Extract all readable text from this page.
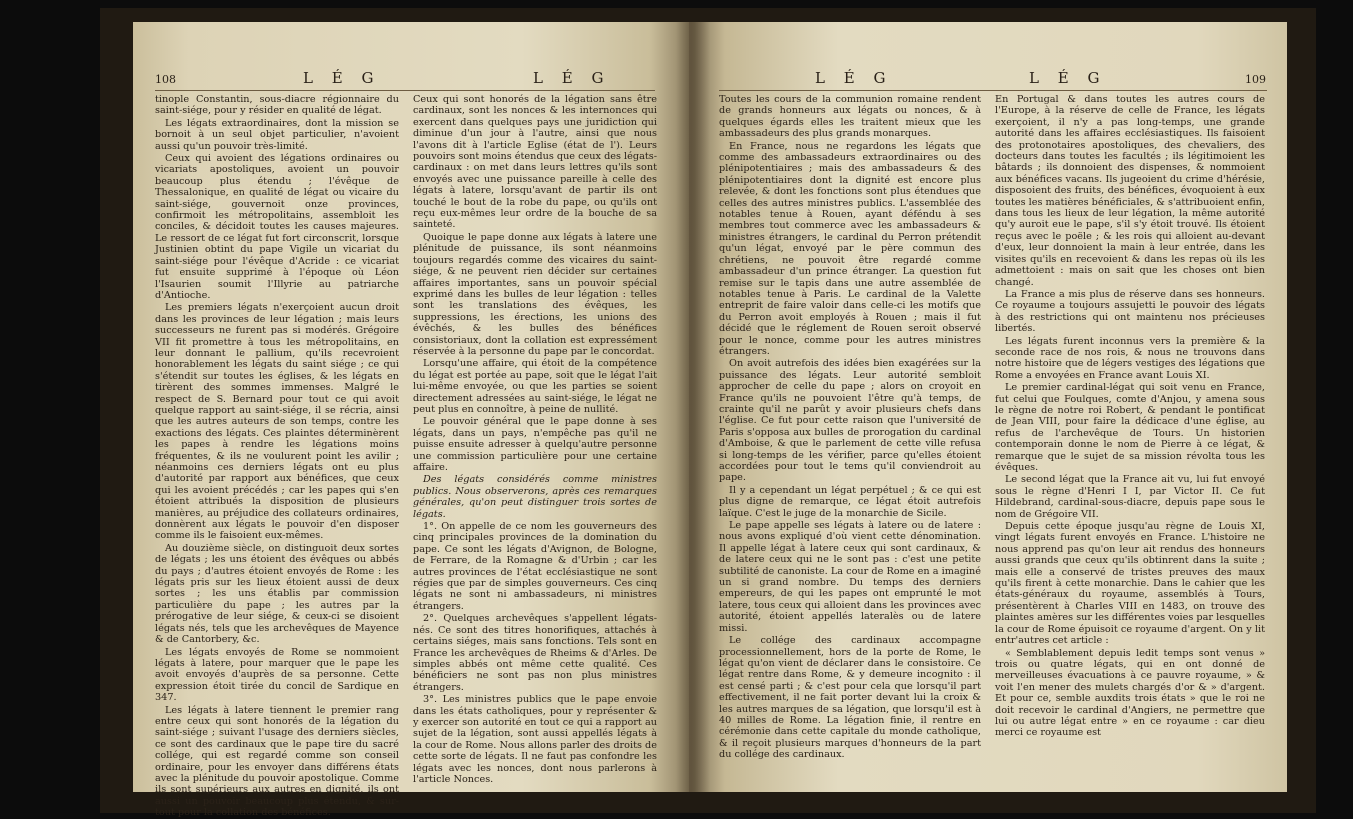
108	L É G	L É G

tinople Constantin, sous-diacre régionnaire du saint-siége, pour y résider en qualité de légat.

Les légats extraordinaires, dont la mission se bornoit à un seul objet particulier, n'avoient aussi qu'un pouvoir très-limité.

Ceux qui avoient des légations ordinaires ou vicariats apostoliques, avoient un pouvoir beaucoup plus étendu ; l'évêque de Thessalonique, en qualité de légat ou vicaire du saint-siége, gouvernoit onze provinces, confirmoit les métropolitains, assembloit les conciles, & décidoit toutes les causes majeures. Le ressort de ce légat fut fort circonscrit, lorsque Justinien obtint du pape Vigile un vicariat du saint-siége pour l'évêque d'Acride : ce vicariat fut ensuite supprimé à l'époque où Léon l'Isaurien soumit l'Illyrie au patriarche d'Antioche.

Les premiers légats n'exerçoient aucun droit dans les provinces de leur légation ; mais leurs successeurs ne furent pas si modérés. Grégoire VII fit promettre à tous les métropolitains, en leur donnant le pallium, qu'ils recevroient honorablement les légats du saint siége ; ce qui s'étendit sur toutes les églises, & les légats en tirèrent des sommes immenses. Malgré le respect de S. Bernard pour tout ce qui avoit quelque rapport au saint-siége, il se récria, ainsi que les autres auteurs de son temps, contre les exactions des légats. Ces plaintes déterminèrent les papes à rendre les légations moins fréquentes, & ils ne voulurent point les avilir ; néanmoins ces derniers légats ont eu plus d'autorité par rapport aux bénéfices, que ceux qui les avoient précédés ; car les papes qui s'en étoient attribués la disposition de plusieurs manières, au préjudice des collateurs ordinaires, donnèrent aux légats le pouvoir d'en disposer comme ils le faisoient eux-mêmes.

Au douzième siècle, on distinguoit deux sortes de légats ; les uns étoient des évêques ou abbés du pays ; d'autres étoient envoyés de Rome : les légats pris sur les lieux étoient aussi de deux sortes ; les uns établis par commission particulière du pape ; les autres par la prérogative de leur siége, & ceux-ci se disoient légats nés, tels que les archevêques de Mayence & de Cantorbery, &c.

Les légats envoyés de Rome se nommoient légats à latere, pour marquer que le pape les avoit envoyés d'auprès de sa personne. Cette expression étoit tirée du concil de Sardique en 347.

Les légats à latere tiennent le premier rang entre ceux qui sont honorés de la légation du saint-siége ; suivant l'usage des derniers siècles, ce sont des cardinaux que le pape tire du sacré collége, qui est regardé comme son conseil ordinaire, pour les envoyer dans différens états avec la plénitude du pouvoir apostolique. Comme ils sont supérieurs aux autres en dignité, ils ont aussi un pouvoir beaucoup plus étendu, & sur-tout pour la collation des bénéfices.

Ceux qui sont honorés de la légation sans être cardinaux, sont les nonces & les internonces qui exercent dans quelques pays une juridiction qui diminue d'un jour à l'autre, ainsi que nous l'avons dit à l'article Eglise (état de l'). Leurs pouvoirs sont moins étendus que ceux des légats-cardinaux : on met dans leurs lettres qu'ils sont envoyés avec une puissance pareille à celle des légats à latere, lorsqu'avant de partir ils ont touché le bout de la robe du pape, ou qu'ils ont reçu eux-mêmes leur ordre de la bouche de sa sainteté.

Quoique le pape donne aux légats à latere une plénitude de puissance, ils sont néanmoins toujours regardés comme des vicaires du saint-siége, & ne peuvent rien décider sur certaines affaires importantes, sans un pouvoir spécial exprimé dans les bulles de leur légation : telles sont les translations des évêques, les suppressions, les érections, les unions des évêchés, & les bulles des bénéfices consistoriaux, dont la collation est expressément réservée à la personne du pape par le concordat.

Lorsqu'une affaire, qui étoit de la compétence du légat est portée au pape, soit que le légat l'ait lui-même envoyée, ou que les parties se soient directement adressées au saint-siége, le légat ne peut plus en connoître, à peine de nullité.

Le pouvoir général que le pape donne à ses légats, dans un pays, n'empêche pas qu'il ne puisse ensuite adresser à quelqu'autre personne une commission particulière pour une certaine affaire.

Des légats considérés comme ministres publics. Nous observerons, après ces remarques générales, qu'on peut distinguer trois sortes de légats.

1°. On appelle de ce nom les gouverneurs des cinq principales provinces de la domination du pape. Ce sont les légats d'Avignon, de Bologne, de Ferrare, de la Romagne & d'Urbin ; car les autres provinces de l'état ecclésiastique ne sont régies que par de simples gouverneurs. Ces cinq légats ne sont ni ambassadeurs, ni ministres étrangers.

2°. Quelques archevêques s'appellent légats-nés. Ce sont des titres honorifiques, attachés à certains siéges, mais sans fonctions. Tels sont en France les archevêques de Rheims & d'Arles. De simples abbés ont même cette qualité. Ces bénéficiers ne sont pas non plus ministres étrangers.

3°. Les ministres publics que le pape envoie dans les états catholiques, pour y représenter & y exercer son autorité en tout ce qui a rapport au sujet de la légation, sont aussi appellés légats à la cour de Rome. Nous allons parler des droits de cette sorte de légats. Il ne faut pas confondre les légats avec les nonces, dont nous parlerons à l'article Nonces.

L É G	L É G	109

Toutes les cours de la communion romaine rendent de grands honneurs aux légats ou nonces, & à quelques égards elles les traitent mieux que les ambassadeurs des plus grands monarques.

En France, nous ne regardons les légats que comme des ambassadeurs extraordinaires ou des plénipotentiaires ; mais des ambassadeurs & des plénipotentiaires dont la dignité est encore plus relevée, & dont les fonctions sont plus étendues que celles des autres ministres publics. L'assemblée des notables tenue à Rouen, ayant déféndu à ses membres tout commerce avec les ambassadeurs & ministres étrangers, le cardinal du Perron prétendit qu'un légat, envoyé par le père commun des chrétiens, ne pouvoit être regardé comme ambassadeur d'un prince étranger. La question fut remise sur le tapis dans une autre assemblée de notables tenue à Paris. Le cardinal de la Valette entreprit de faire valoir dans celle-ci les motifs que du Perron avoit employés à Rouen ; mais il fut décidé que le réglement de Rouen seroit observé pour le nonce, comme pour les autres ministres étrangers.

On avoit autrefois des idées bien exagérées sur la puissance des légats. Leur autorité sembloit approcher de celle du pape ; alors on croyoit en France qu'ils ne pouvoient l'être qu'à temps, de crainte qu'il ne parût y avoir plusieurs chefs dans l'église. Ce fut pour cette raison que l'université de Paris s'opposa aux bulles de prorogation du cardinal d'Amboise, & que le parlement de cette ville refusa si long-temps de les vérifier, parce qu'elles étoient accordées pour tout le tems qu'il conviendroit au pape.

Il y a cependant un légat perpétuel ; & ce qui est plus digne de remarque, ce légat étoit autrefois laïque. C'est le juge de la monarchie de Sicile.

Le pape appelle ses légats à latere ou de latere : nous avons expliqué d'où vient cette dénomination. Il appelle légat à latere ceux qui sont cardinaux, & de latere ceux qui ne le sont pas : c'est une petite subtilité de canoniste. La cour de Rome en a imaginé un si grand nombre. Du temps des derniers empereurs, de qui les papes ont emprunté le mot latere, tous ceux qui alloient dans les provinces avec autorité, étoient appellés lateralès ou de latere missi.

Le collége des cardinaux accompagne processionnellement, hors de la porte de Rome, le légat qu'on vient de déclarer dans le consistoire. Ce légat rentre dans Rome, & y demeure incognito : il est censé parti ; & c'est pour cela que lorsqu'il part effectivement, il ne fait porter devant lui la croix & les autres marques de sa légation, que lorsqu'il est à 40 milles de Rome. La légation finie, il rentre en cérémonie dans cette capitale du monde catholique, & il reçoit plusieurs marques d'honneurs de la part du collége des cardinaux.

En Portugal & dans toutes les autres cours de l'Europe, à la réserve de celle de France, les légats exerçoient, il n'y a pas long-temps, une grande autorité dans les affaires ecclésiastiques. Ils faisoient des protonotaires apostoliques, des chevaliers, des docteurs dans toutes les facultés ; ils légitimoient les bâtards ; ils donnoient des dispenses, & nommoient aux bénéfices vacans. Ils jugeoient du crime d'hérésie, disposoient des fruits, des bénéfices, évoquoient à eux toutes les matières bénéficiales, & s'attribuoient enfin, dans tous les lieux de leur légation, la même autorité qu'y auroit eue le pape, s'il s'y étoit trouvé. Ils étoient reçus avec le poële ; & les rois qui alloient au-devant d'eux, leur donnoient la main à leur entrée, dans les visites qu'ils en recevoient & dans les repas où ils les admettoient : mais on sait que les choses ont bien changé.

La France a mis plus de réserve dans ses honneurs. Ce royaume a toujours assujetti le pouvoir des légats à des restrictions qui ont maintenu nos précieuses libertés.

Les légats furent inconnus vers la première & la seconde race de nos rois, & nous ne trouvons dans notre histoire que de légers vestiges des légations que Rome a envoyées en France avant Louis XI.

Le premier cardinal-légat qui soit venu en France, fut celui que Foulques, comte d'Anjou, y amena sous le règne de notre roi Robert, & pendant le pontificat de Jean VIII, pour faire la dédicace d'une église, au refus de l'archevêque de Tours. Un historien contemporain donne le nom de Pierre à ce légat, & remarque que le sujet de sa mission révolta tous les évêques.

Le second légat que la France ait vu, lui fut envoyé sous le règne d'Henri I I, par Victor II. Ce fut Hildebrand, cardinal-sous-diacre, depuis pape sous le nom de Grégoire VII.

Depuis cette époque jusqu'au règne de Louis XI, vingt légats furent envoyés en France. L'histoire ne nous apprend pas qu'on leur ait rendus des honneurs aussi grands que ceux qu'ils obtinrent dans la suite ; mais elle a conservé de tristes preuves des maux qu'ils firent à cette monarchie. Dans le cahier que les états-généraux du royaume, assemblés à Tours, présentèrent à Charles VIII en 1483, on trouve des plaintes amères sur les différentes voies par lesquelles la cour de Rome épuisoit ce royaume d'argent. On y lit entr'autres cet article :

« Semblablement depuis ledit temps sont venus » trois ou quatre légats, qui en ont donné de merveilleuses évacuations à ce pauvre royaume, » & voit l'en mener des mulets chargés d'or & » d'argent. Et pour ce, semble auxdits trois états » que le roi ne doit recevoir le cardinal d'Angiers, ne permettre que lui ou autre légat entre » en ce royaume : car dieu merci ce royaume est
